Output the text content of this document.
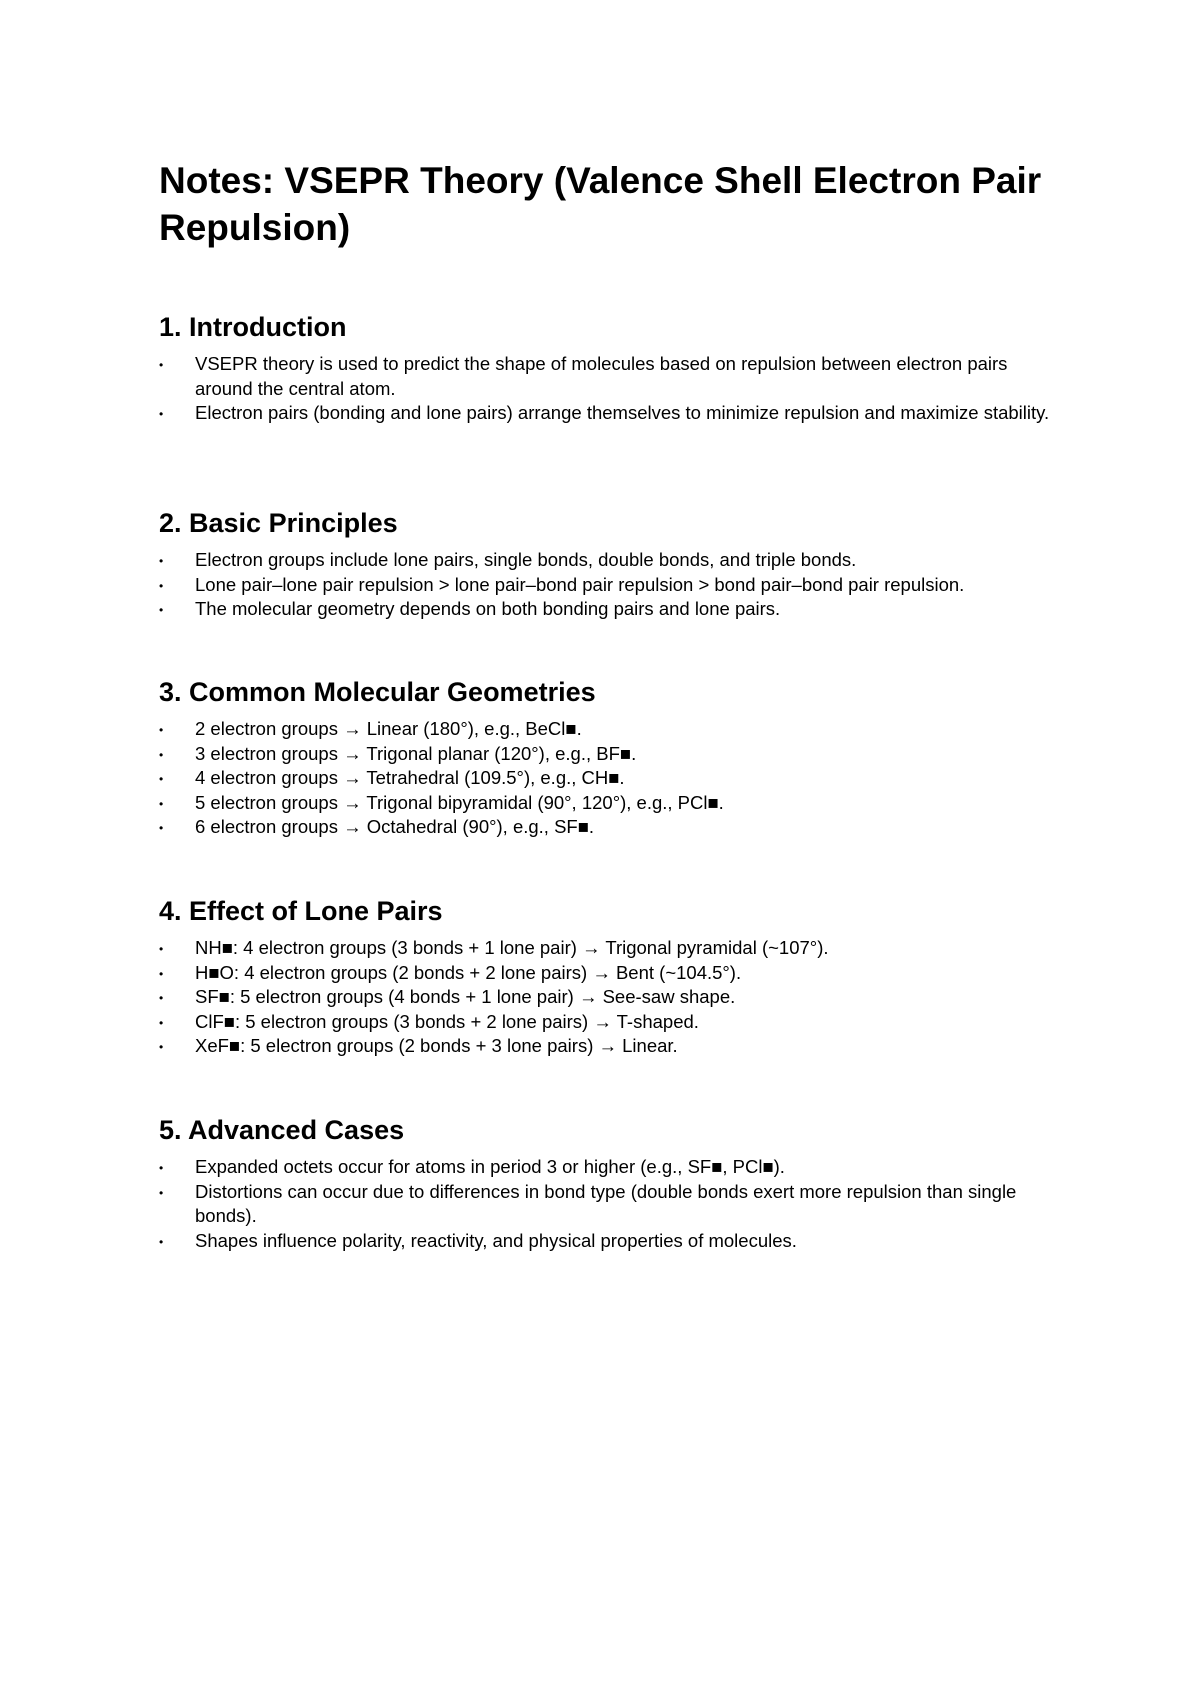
Notes: VSEPR Theory (Valence Shell Electron Pair Repulsion)
1. Introduction
•	VSEPR theory is used to predict the shape of molecules based on repulsion between electron pairs around the central atom.
•	Electron pairs (bonding and lone pairs) arrange themselves to minimize repulsion and maximize stability.
2. Basic Principles
•	Electron groups include lone pairs, single bonds, double bonds, and triple bonds.
•	Lone pair–lone pair repulsion > lone pair–bond pair repulsion > bond pair–bond pair repulsion.
•	The molecular geometry depends on both bonding pairs and lone pairs.
3. Common Molecular Geometries
•	2 electron groups → Linear (180°), e.g., BeCl■.
•	3 electron groups → Trigonal planar (120°), e.g., BF■.
•	4 electron groups → Tetrahedral (109.5°), e.g., CH■.
•	5 electron groups → Trigonal bipyramidal (90°, 120°), e.g., PCl■.
•	6 electron groups → Octahedral (90°), e.g., SF■.
4. Effect of Lone Pairs
•	NH■: 4 electron groups (3 bonds + 1 lone pair) → Trigonal pyramidal (~107°).
•	H■O: 4 electron groups (2 bonds + 2 lone pairs) → Bent (~104.5°).
•	SF■: 5 electron groups (4 bonds + 1 lone pair) → See-saw shape.
•	ClF■: 5 electron groups (3 bonds + 2 lone pairs) → T-shaped.
•	XeF■: 5 electron groups (2 bonds + 3 lone pairs) → Linear.
5. Advanced Cases
•	Expanded octets occur for atoms in period 3 or higher (e.g., SF■, PCl■).
•	Distortions can occur due to differences in bond type (double bonds exert more repulsion than single bonds).
•	Shapes influence polarity, reactivity, and physical properties of molecules.
